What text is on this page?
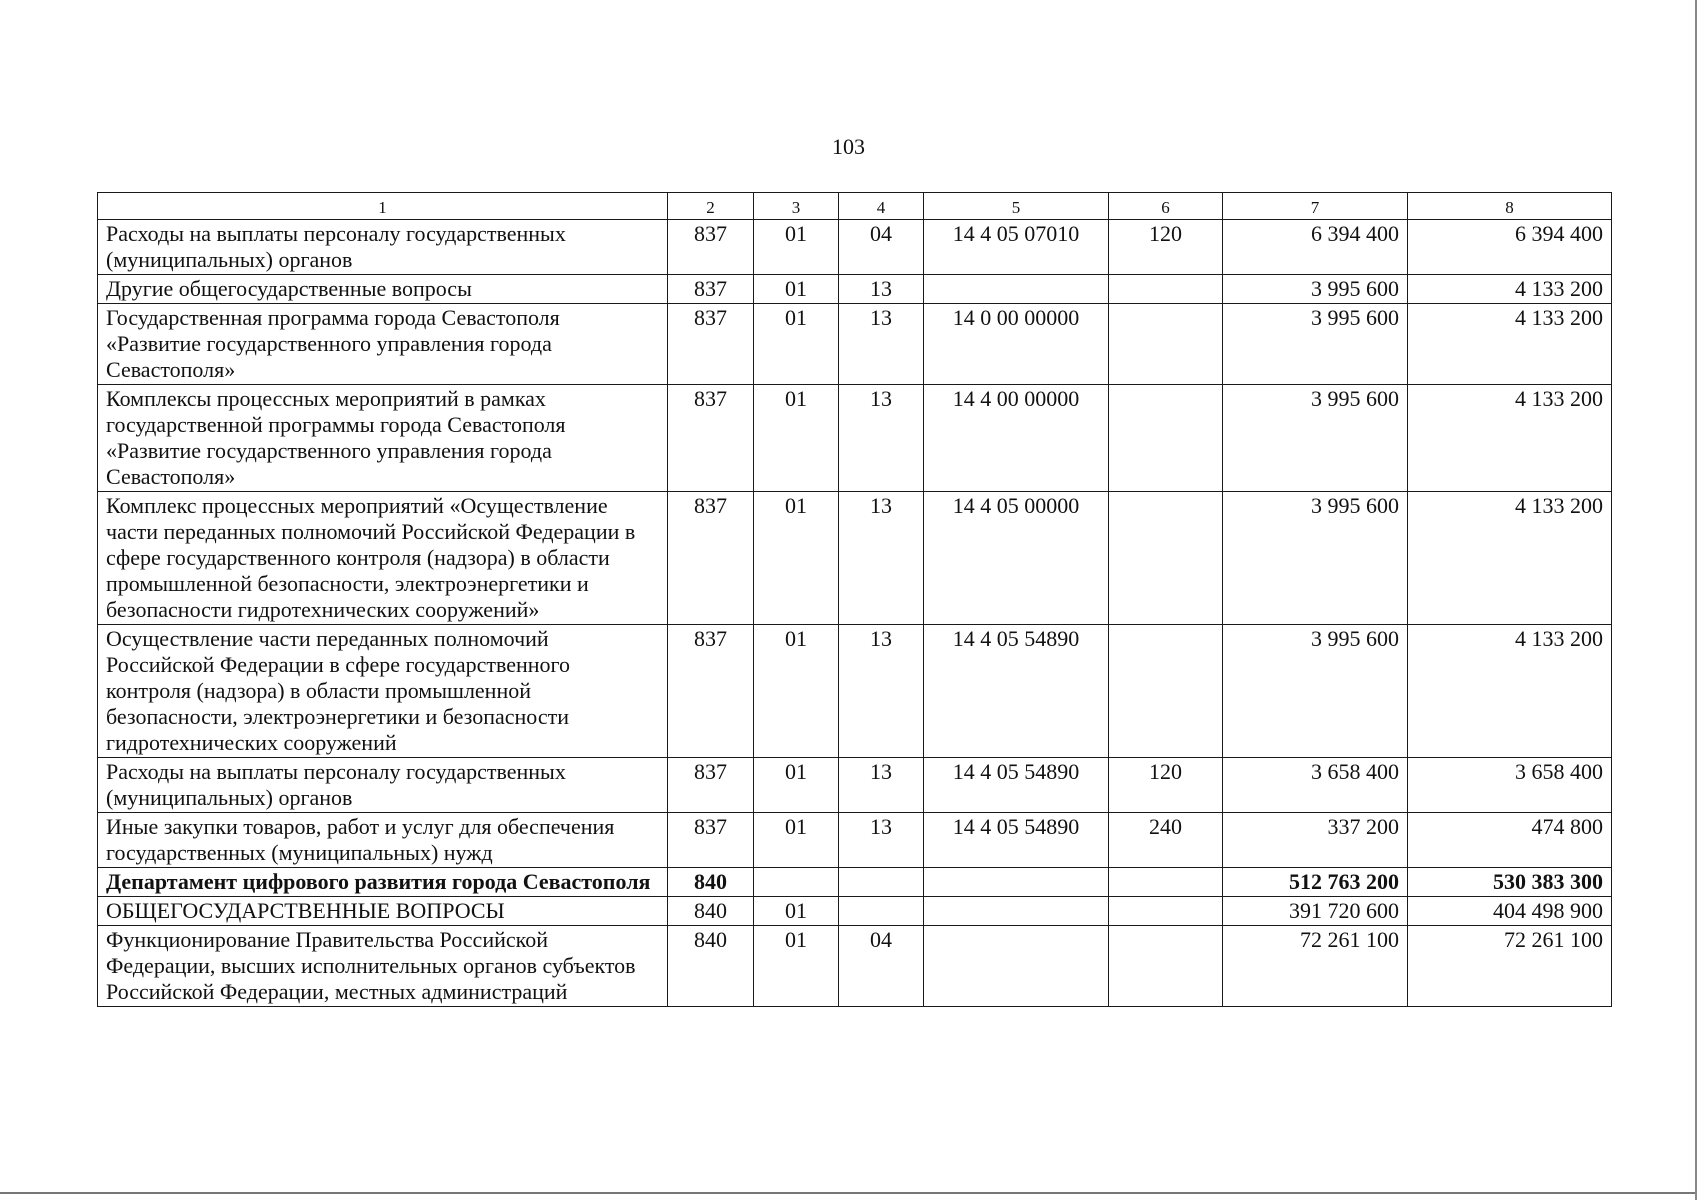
103
1	2	3	4	5	6	7	8
Расходы на выплаты персоналу государственных (муниципальных) органов	837	01	04	14 4 05 07010	120	6 394 400	6 394 400
Другие общегосударственные вопросы	837	01	13			3 995 600	4 133 200
Государственная программа города Севастополя «Развитие государственного управления города Севастополя»	837	01	13	14 0 00 00000		3 995 600	4 133 200
Комплексы процессных мероприятий в рамках государственной программы города Севастополя «Развитие государственного управления города Севастополя»	837	01	13	14 4 00 00000		3 995 600	4 133 200
Комплекс процессных мероприятий «Осуществление части переданных полномочий Российской Федерации в сфере государственного контроля (надзора) в области промышленной безопасности, электроэнергетики и безопасности гидротехнических сооружений»	837	01	13	14 4 05 00000		3 995 600	4 133 200
Осуществление части переданных полномочий Российской Федерации в сфере государственного контроля (надзора) в области промышленной безопасности, электроэнергетики и безопасности гидротехнических сооружений	837	01	13	14 4 05 54890		3 995 600	4 133 200
Расходы на выплаты персоналу государственных (муниципальных) органов	837	01	13	14 4 05 54890	120	3 658 400	3 658 400
Иные закупки товаров, работ и услуг для обеспечения государственных (муниципальных) нужд	837	01	13	14 4 05 54890	240	337 200	474 800
Департамент цифрового развития города Севастополя	840					512 763 200	530 383 300
ОБЩЕГОСУДАРСТВЕННЫЕ ВОПРОСЫ	840	01				391 720 600	404 498 900
Функционирование Правительства Российской Федерации, высших исполнительных органов субъектов Российской Федерации, местных администраций	840	01	04			72 261 100	72 261 100
